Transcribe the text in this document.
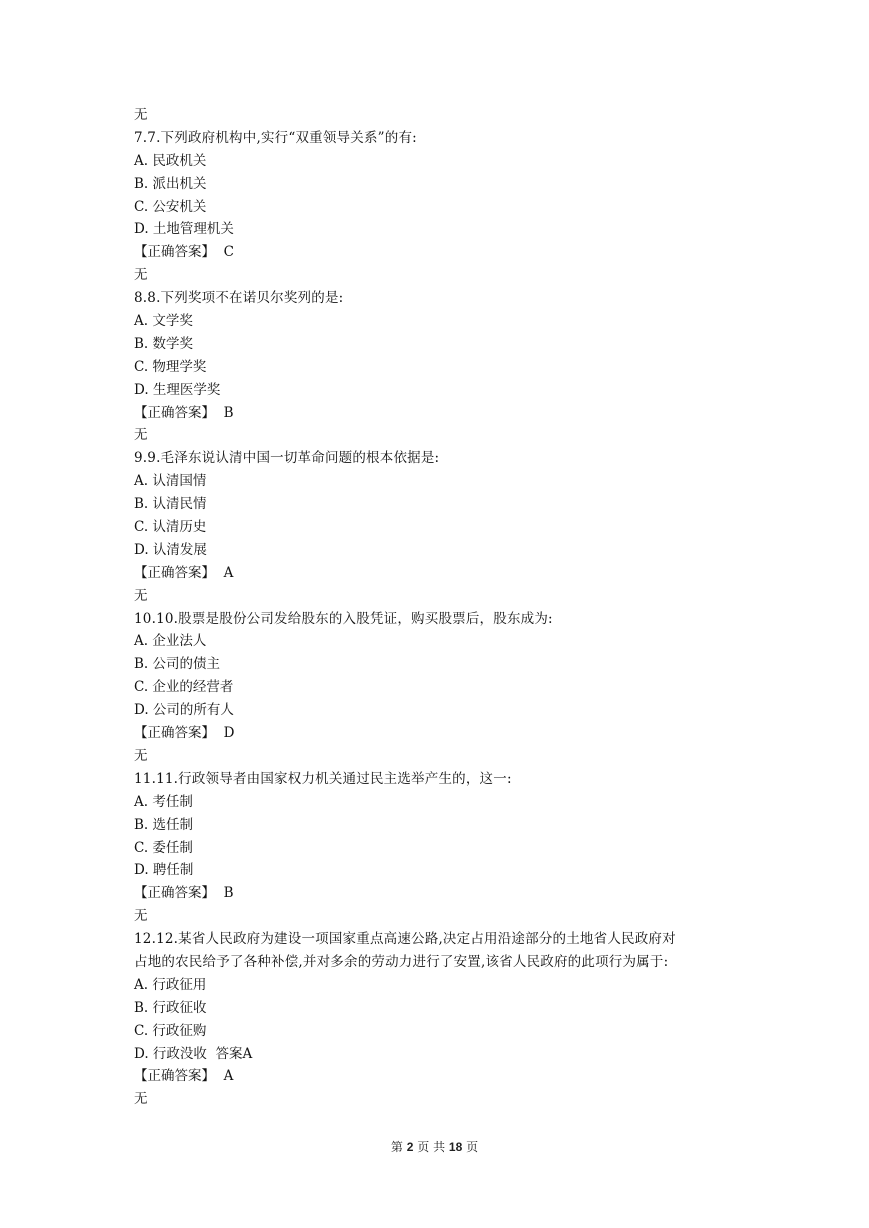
无
7.7.下列政府机构中,实行“双重领导关系”的有:
A. 民政机关
B. 派出机关
C. 公安机关
D. 土地管理机关
【正确答案】  C
无
8.8.下列奖项不在诺贝尔奖列的是:
A. 文学奖
B. 数学奖
C. 物理学奖
D. 生理医学奖
【正确答案】  B
无
9.9.毛泽东说认清中国一切革命问题的根本依据是:
A. 认清国情
B. 认清民情
C. 认清历史
D. 认清发展
【正确答案】  A
无
10.10.股票是股份公司发给股东的入股凭证，购买股票后，股东成为:
A. 企业法人
B. 公司的债主
C. 企业的经营者
D. 公司的所有人
【正确答案】  D
无
11.11.行政领导者由国家权力机关通过民主选举产生的，这一:
A. 考任制
B. 选任制
C. 委任制
D. 聘任制
【正确答案】  B
无
12.12.某省人民政府为建设一项国家重点高速公路,决定占用沿途部分的土地省人民政府对
占地的农民给予了各种补偿,并对多余的劳动力进行了安置,该省人民政府的此项行为属于:
A. 行政征用
B. 行政征收
C. 行政征购
D. 行政没收  答案A
【正确答案】  A
无
第 2 页 共 18 页
